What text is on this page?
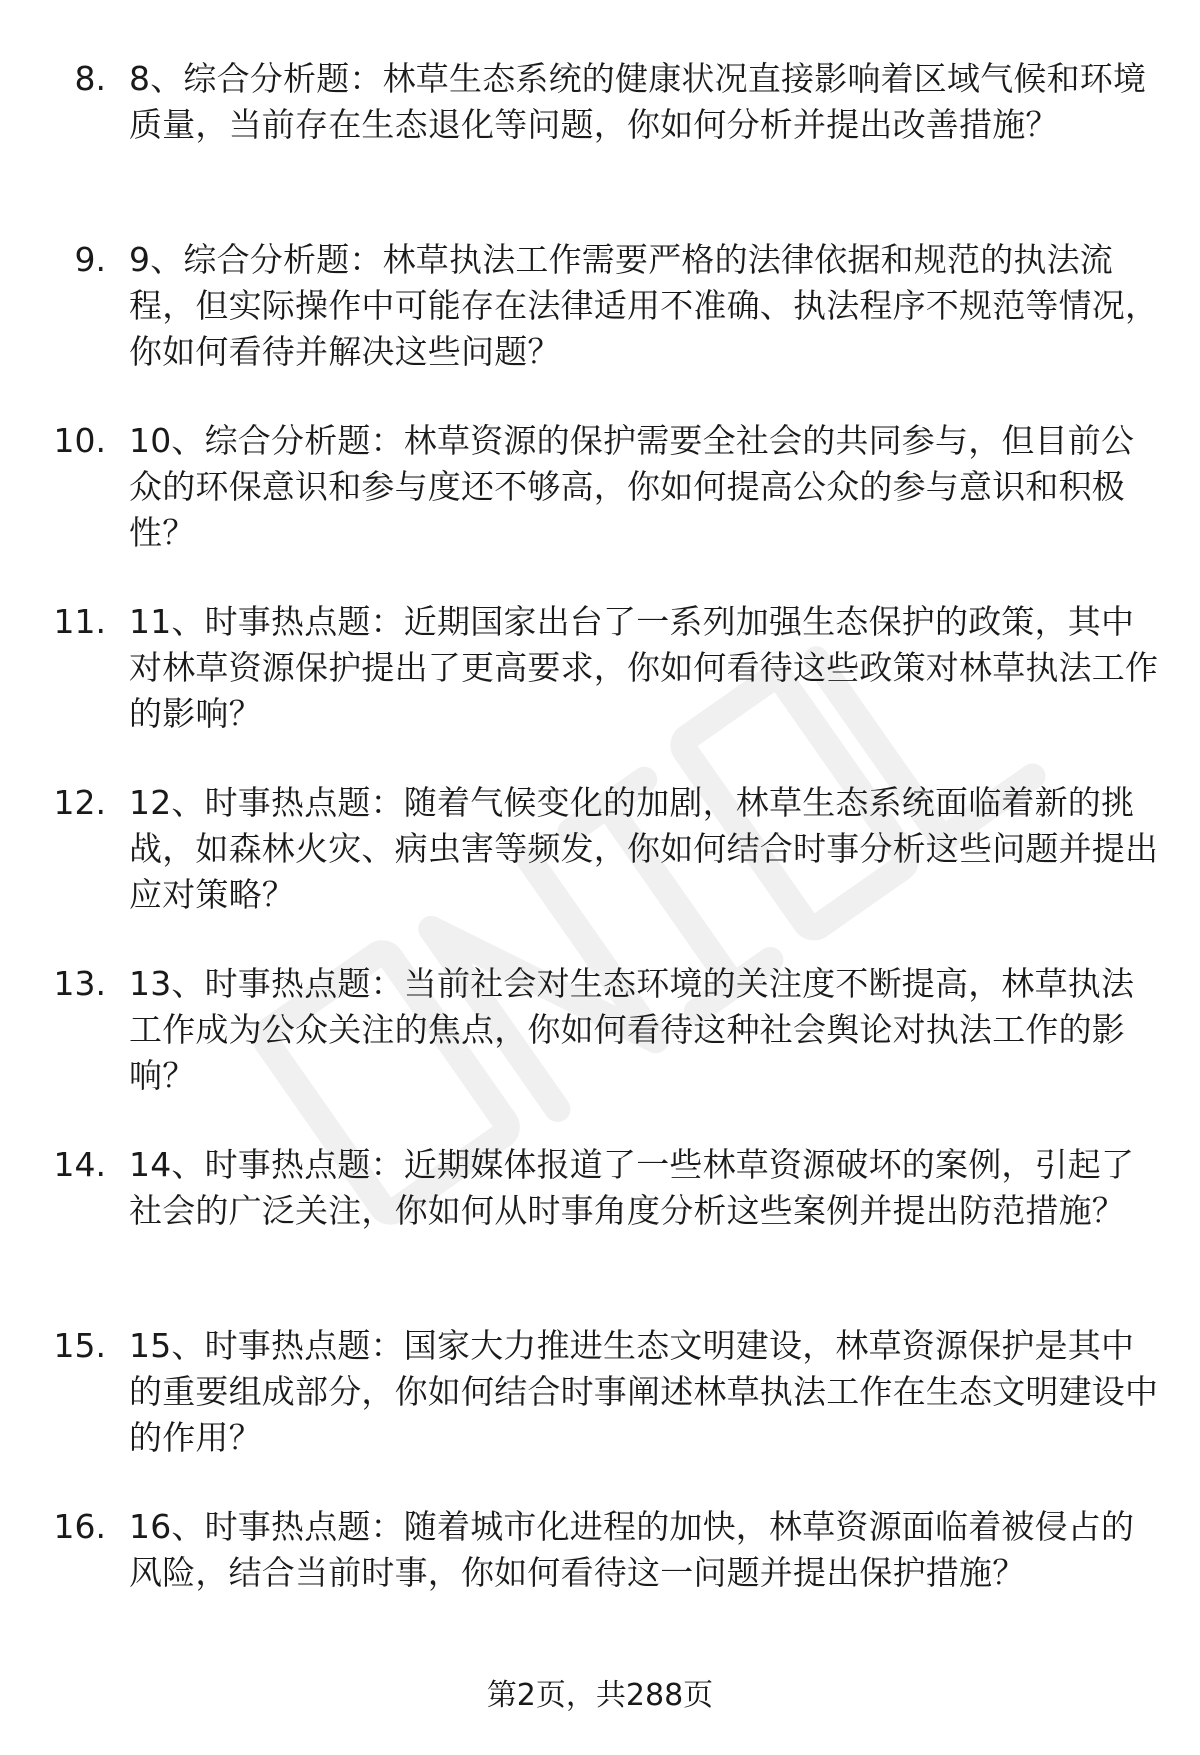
8. 8、综合分析题：林草生态系统的健康状况直接影响着区域气候和环境质量，当前存在生态退化等问题，你如何分析并提出改善措施？
9. 9、综合分析题：林草执法工作需要严格的法律依据和规范的执法流程，但实际操作中可能存在法律适用不准确、执法程序不规范等情况，你如何看待并解决这些问题？
10. 10、综合分析题：林草资源的保护需要全社会的共同参与，但目前公众的环保意识和参与度还不够高，你如何提高公众的参与意识和积极性？
11. 11、时事热点题：近期国家出台了一系列加强生态保护的政策，其中对林草资源保护提出了更高要求，你如何看待这些政策对林草执法工作的影响？
12. 12、时事热点题：随着气候变化的加剧，林草生态系统面临着新的挑战，如森林火灾、病虫害等频发，你如何结合时事分析这些问题并提出应对策略？
13. 13、时事热点题：当前社会对生态环境的关注度不断提高，林草执法工作成为公众关注的焦点，你如何看待这种社会舆论对执法工作的影响？
14. 14、时事热点题：近期媒体报道了一些林草资源破坏的案例，引起了社会的广泛关注，你如何从时事角度分析这些案例并提出防范措施？
15. 15、时事热点题：国家大力推进生态文明建设，林草资源保护是其中的重要组成部分，你如何结合时事阐述林草执法工作在生态文明建设中的作用？
16. 16、时事热点题：随着城市化进程的加快，林草资源面临着被侵占的风险，结合当前时事，你如何看待这一问题并提出保护措施？
第2页，共288页
